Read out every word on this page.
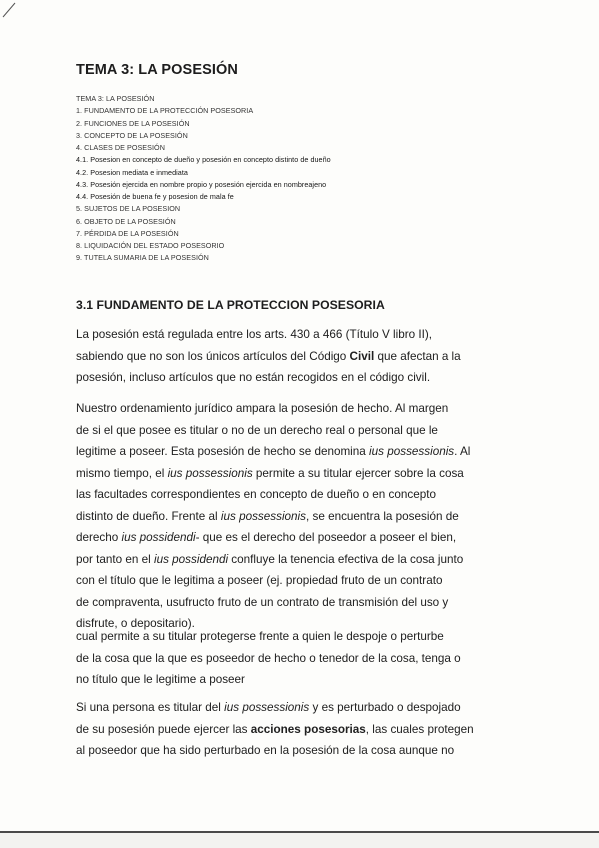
TEMA 3: LA POSESIÓN
TEMA 3: LA POSESIÓN
1. FUNDAMENTO DE LA PROTECCIÓN POSESORIA
2. FUNCIONES DE LA POSESIÓN
3. CONCEPTO DE LA POSESIÓN
4. CLASES DE POSESIÓN
4.1. Posesion en concepto de dueño y posesión en concepto distinto de dueño
4.2. Posesion mediata e inmediata
4.3. Posesión ejercida en nombre propio y posesión ejercida en nombreajeno
4.4. Posesión de buena fe y posesion de mala fe
5. SUJETOS DE LA POSESION
6. OBJETO DE LA POSESIÓN
7. PÉRDIDA DE LA POSESIÓN
8. LIQUIDACIÓN DEL ESTADO POSESORIO
9. TUTELA SUMARIA DE LA POSESIÓN
3.1 FUNDAMENTO DE LA PROTECCION POSESORIA
La posesión está regulada entre los arts. 430 a 466 (Título V libro II),
sabiendo que no son los únicos artículos del Código Civil que afectan a la
posesión, incluso artículos que no están recogidos en el código civil.
Nuestro ordenamiento jurídico ampara la posesión de hecho. Al margen
de si el que posee es titular o no de un derecho real o personal que le
legitime a poseer. Esta posesión de hecho se denomina ius possessionis. Al
mismo tiempo, el ius possessionis permite a su titular ejercer sobre la cosa
las facultades correspondientes en concepto de dueño o en concepto
distinto de dueño. Frente al ius possessionis, se encuentra la posesión de
derecho ius possidendi- que es el derecho del poseedor a poseer el bien,
por tanto en el ius possidendi confluye la tenencia efectiva de la cosa junto
con el título que le legitima a poseer (ej. propiedad fruto de un contrato
de compraventa, usufructo fruto de un contrato de transmisión del uso y
disfrute, o depositario).
cual permite a su titular protegerse frente a quien le despoje o perturbe
de la cosa que la que es poseedor de hecho o tenedor de la cosa, tenga o
no título que le legitime a poseer
Si una persona es titular del ius possessionis y es perturbado o despojado
de su posesión puede ejercer las acciones posesorias, las cuales protegen
al poseedor que ha sido perturbado en la posesión de la cosa aunque no
